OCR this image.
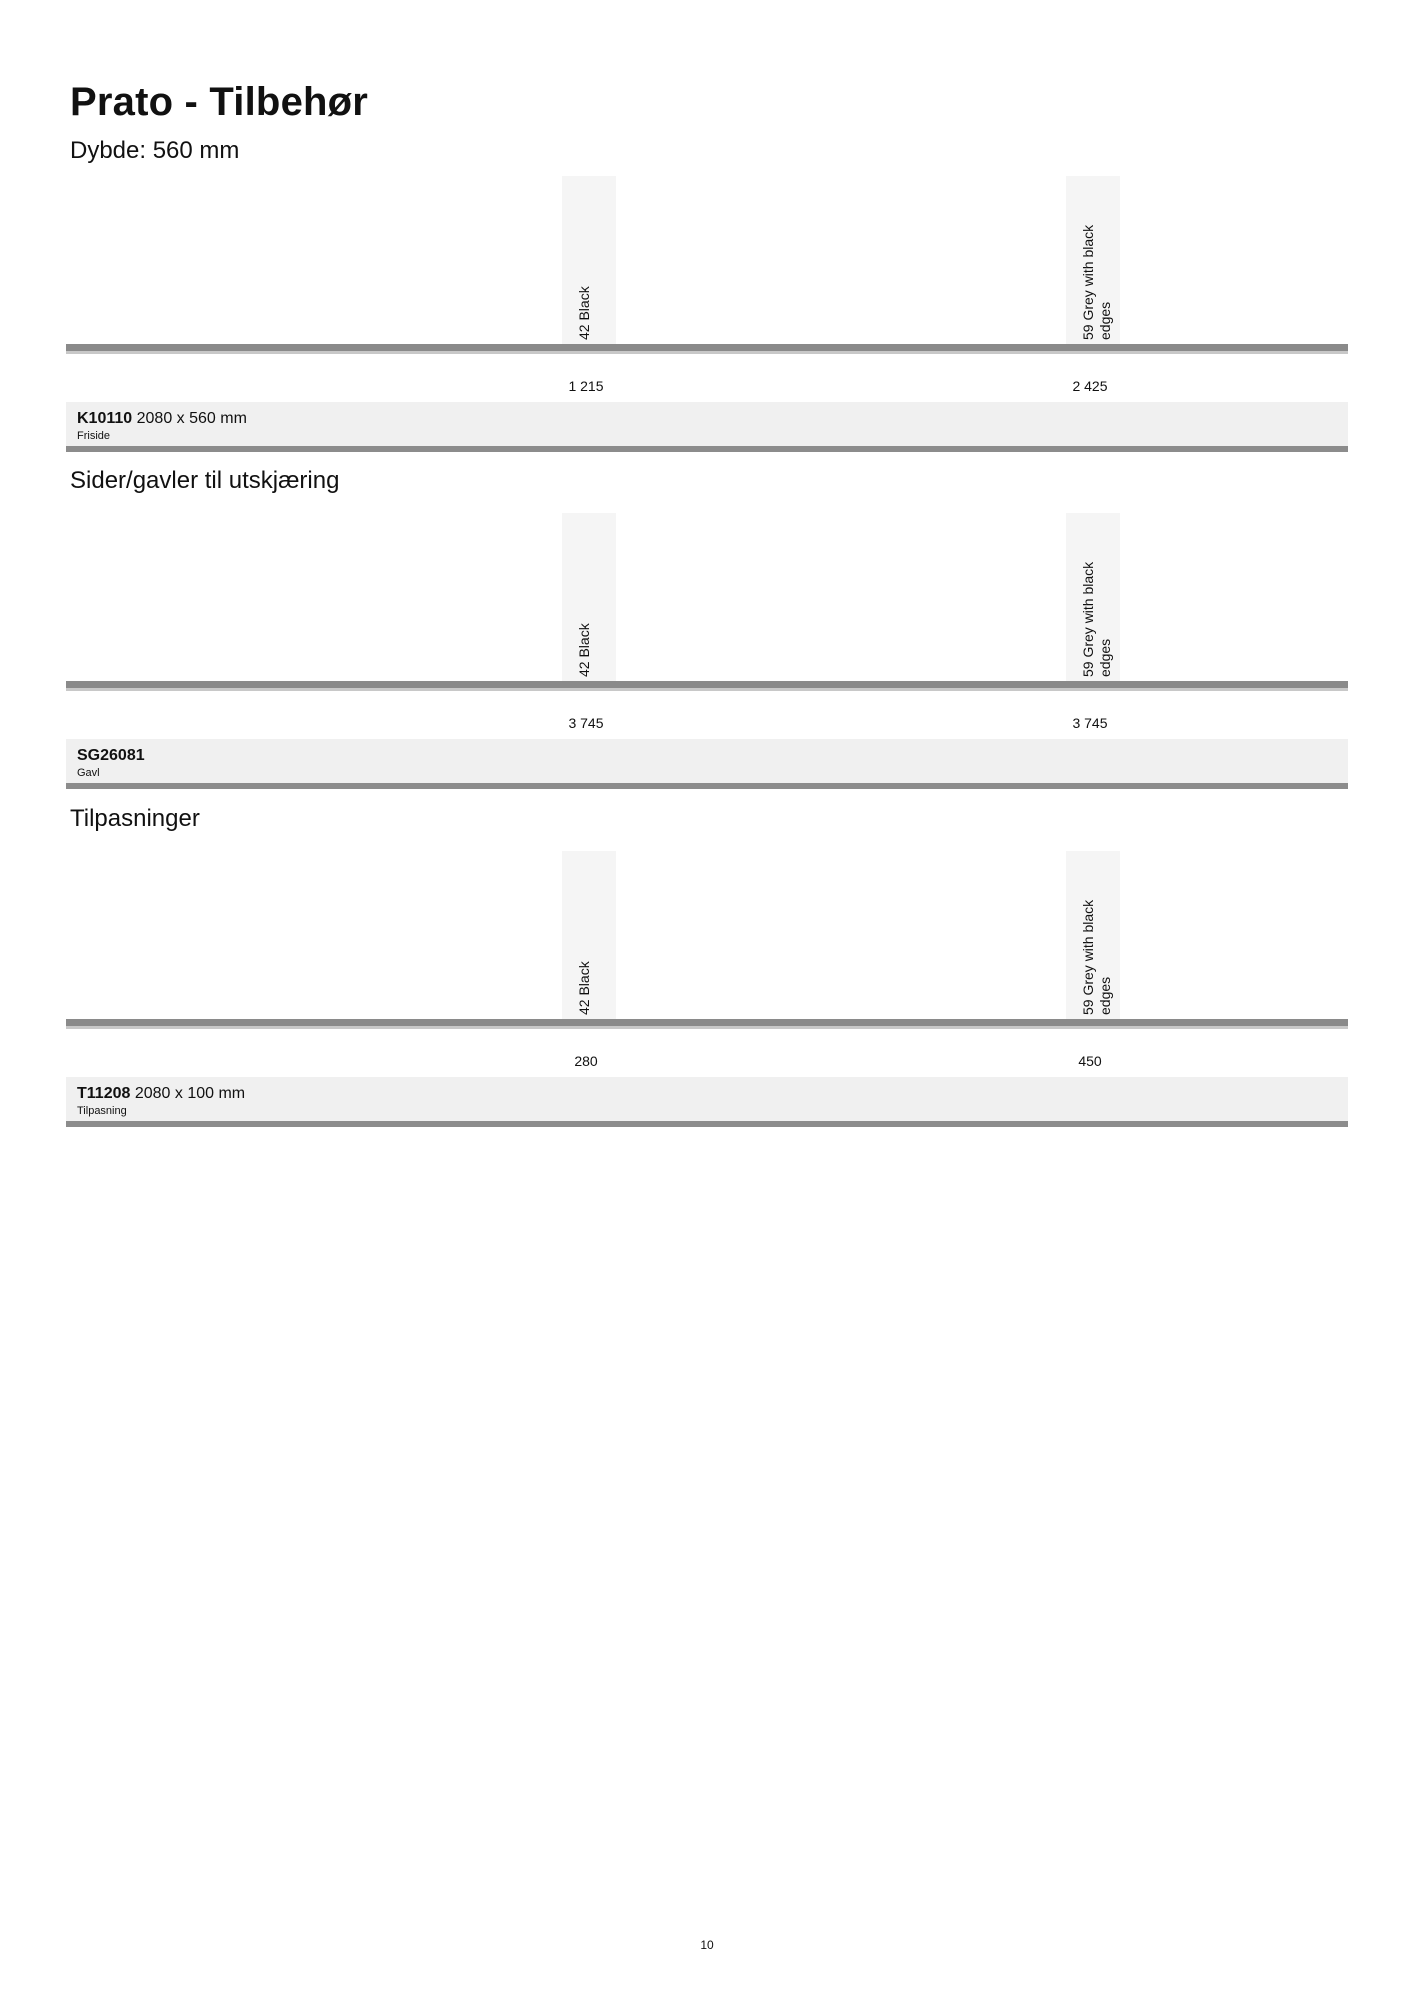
Prato - Tilbehør
Dybde: 560 mm
42 Black	59 Grey with black
edges
1 215	2 425
K10110 2080 x 560 mm
Friside
Sider/gavler til utskjæring
42 Black	59 Grey with black
edges
3 745	3 745
SG26081
Gavl
Tilpasninger
42 Black	59 Grey with black
edges
280	450
T11208 2080 x 100 mm
Tilpasning
10
